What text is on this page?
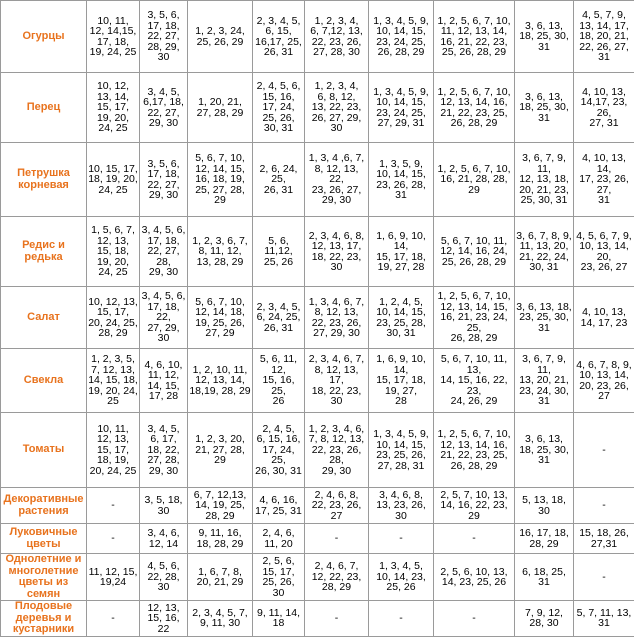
Огурцы	10, 11,
12, 14,15,
17, 18,
19, 24, 25	3, 5, 6,
17, 18,
22, 27,
28, 29,
30	1, 2, 3, 24,
25, 26, 29	2, 3, 4, 5,
6, 15,
16,17, 25,
26, 31	1, 2, 3, 4,
6, 7,12, 13,
22, 23, 26,
27, 28, 30	1, 3, 4, 5, 9,
10, 14, 15,
23, 24, 25,
26, 28, 29	1, 2, 5, 6, 7, 10,
11, 12, 13, 14,
16, 21, 22, 23,
25, 26, 28, 29	3, 6, 13,
18, 25, 30,
31	4, 5, 7, 9,
13, 14, 17,
18, 20, 21,
22, 26, 27,
31
Перец	10, 12,
13, 14,
15, 17,
19, 20,
24, 25	3, 4, 5,
6,17, 18,
22, 27,
29, 30	1, 20, 21,
27, 28, 29	2, 4, 5, 6,
15, 16,
17, 24,
25, 26,
30, 31	1, 2, 3, 4,
6, 8, 12,
13, 22, 23,
26, 27, 29,
30	1, 3, 4, 5, 9,
10, 14, 15,
23, 24, 25,
27, 29, 31	1, 2, 5, 6, 7, 10,
12, 13, 14, 16,
21, 22, 23, 25,
26, 28, 29	3, 6, 13,
18, 25, 30,
31	4, 10, 13,
14,17, 23, 26,
27, 31
Петрушка
корневая	10, 15, 17,
18, 19, 20,
24, 25	3, 5, 6,
17, 18,
22, 27,
29, 30	5, 6, 7, 10,
12, 14, 15,
16, 18, 19,
25, 27, 28,
29	2, 6, 24, 25,
26, 31	1, 3, 4 ,6, 7,
8, 12, 13, 22,
23, 26, 27,
29, 30	1, 3, 5, 9,
10, 14, 15,
23, 26, 28,
31	1, 2, 5, 6, 7, 10,
16, 21, 28, 28,
29	3, 6, 7, 9, 11,
12, 13, 18,
20, 21, 23,
25, 30, 31	4, 10, 13, 14,
17, 23, 26, 27,
31
Редис и
редька	1, 5, 6, 7,
12, 13,
15, 18,
19, 20,
24, 25	3, 4, 5, 6,
17, 18,
22, 27, 28,
29, 30	1, 2, 3, 6, 7,
8, 11, 12,
13, 28, 29	5, 6, 11,12,
25, 26	2, 3, 4, 6, 8,
12, 13, 17,
18, 22, 23,
30	1, 6, 9, 10, 14,
15, 17, 18,
19, 27, 28	5, 6, 7, 10, 11,
12, 14, 16, 24,
25, 26, 28, 29	3, 6, 7, 8, 9,
11, 13, 20,
21, 22, 24,
30, 31	4, 5, 6, 7, 9,
10, 13, 14, 20,
23, 26, 27
Салат	10, 12, 13,
15, 17,
20, 24, 25,
28, 29	3, 4, 5, 6,
17, 18, 22,
27, 29, 30	5, 6, 7, 10,
12, 14, 18,
19, 25, 26,
27, 29	2, 3, 4, 5,
6, 24, 25,
26, 31	1, 3, 4, 6, 7,
8, 12, 13,
22, 23, 26,
27, 29, 30	1, 2, 4, 5,
10, 14, 15,
23, 25, 28,
30, 31	1, 2, 5, 6, 7, 10,
12, 13, 14, 15,
16, 21, 23, 24, 25,
26, 28, 29	3, 6, 13, 18,
23, 25, 30,
31	4, 10, 13,
14, 17, 23
Свекла	1, 2, 3, 5,
7, 12, 13,
14, 15, 18,
19, 20, 24,
25	4, 6, 10,
11, 12,
14, 15,
17, 28	1, 2, 10, 11,
12, 13, 14,
18,19, 28, 29	5, 6, 11, 12,
15, 16, 25,
26	2, 3, 4, 6, 7,
8, 12, 13, 17,
18, 22, 23, 30	1, 6, 9, 10, 14,
15, 17, 18, 19, 27,
28	5, 6, 7, 10, 11, 13,
14, 15, 16, 22, 23,
24, 26, 29	3, 6, 7, 9, 11,
13, 20, 21,
23, 24, 30,
31	4, 6, 7, 8, 9,
10, 13, 14,
20, 23, 26,
27
Томаты	10, 11,
12, 13,
15, 17,
18, 19,
20, 24, 25	3, 4, 5,
6, 17,
18, 22,
27, 28,
29, 30	1, 2, 3, 20,
21, 27, 28,
29	2, 4, 5,
6, 15, 16,
17, 24, 25,
26, 30, 31	1, 2, 3, 4, 6,
7, 8, 12, 13,
22, 23, 26, 28,
29, 30	1, 3, 4, 5, 9,
10, 14, 15,
23, 25, 26,
27, 28, 31	1, 2, 5, 6, 7, 10,
12, 13, 14, 16,
21, 22, 23, 25,
26, 28, 29	3, 6, 13,
18, 25, 30,
31	-
Декоративные
растения	-	3, 5, 18,
30	6, 7, 12,13,
14, 19, 25,
28, 29	4, 6, 16,
17, 25, 31	2, 4, 6, 8,
22, 23, 26,
27	3, 4, 6, 8,
13, 23, 26,
30	2, 5, 7, 10, 13,
14, 16, 22, 23,
29	5, 13, 18,
30	-
Луковичные
цветы	-	3, 4, 6,
12, 14	9, 11, 16,
18, 28, 29	2, 4, 6,
11, 20	-	-	-	16, 17, 18,
28, 29	15, 18, 26,
27,31
Однолетние и
многолетние
цветы из
семян	11, 12, 15,
19,24	4, 5, 6,
22, 28,
30	1, 6, 7, 8,
20, 21, 29	2, 5, 6,
15, 17,
25, 26,
30	2, 4, 6, 7,
12, 22, 23,
28, 29	1, 3, 4, 5,
10, 14, 23,
25, 26	2, 5, 6, 10, 13,
14, 23, 25, 26	6, 18, 25,
31	-
Плодовые
деревья и
кустарники	-	12, 13,
15, 16,
22	2, 3, 4, 5, 7,
9, 11, 30	9, 11, 14,
18	-	-	-	7, 9, 12,
28, 30	5, 7, 11, 13,
31
